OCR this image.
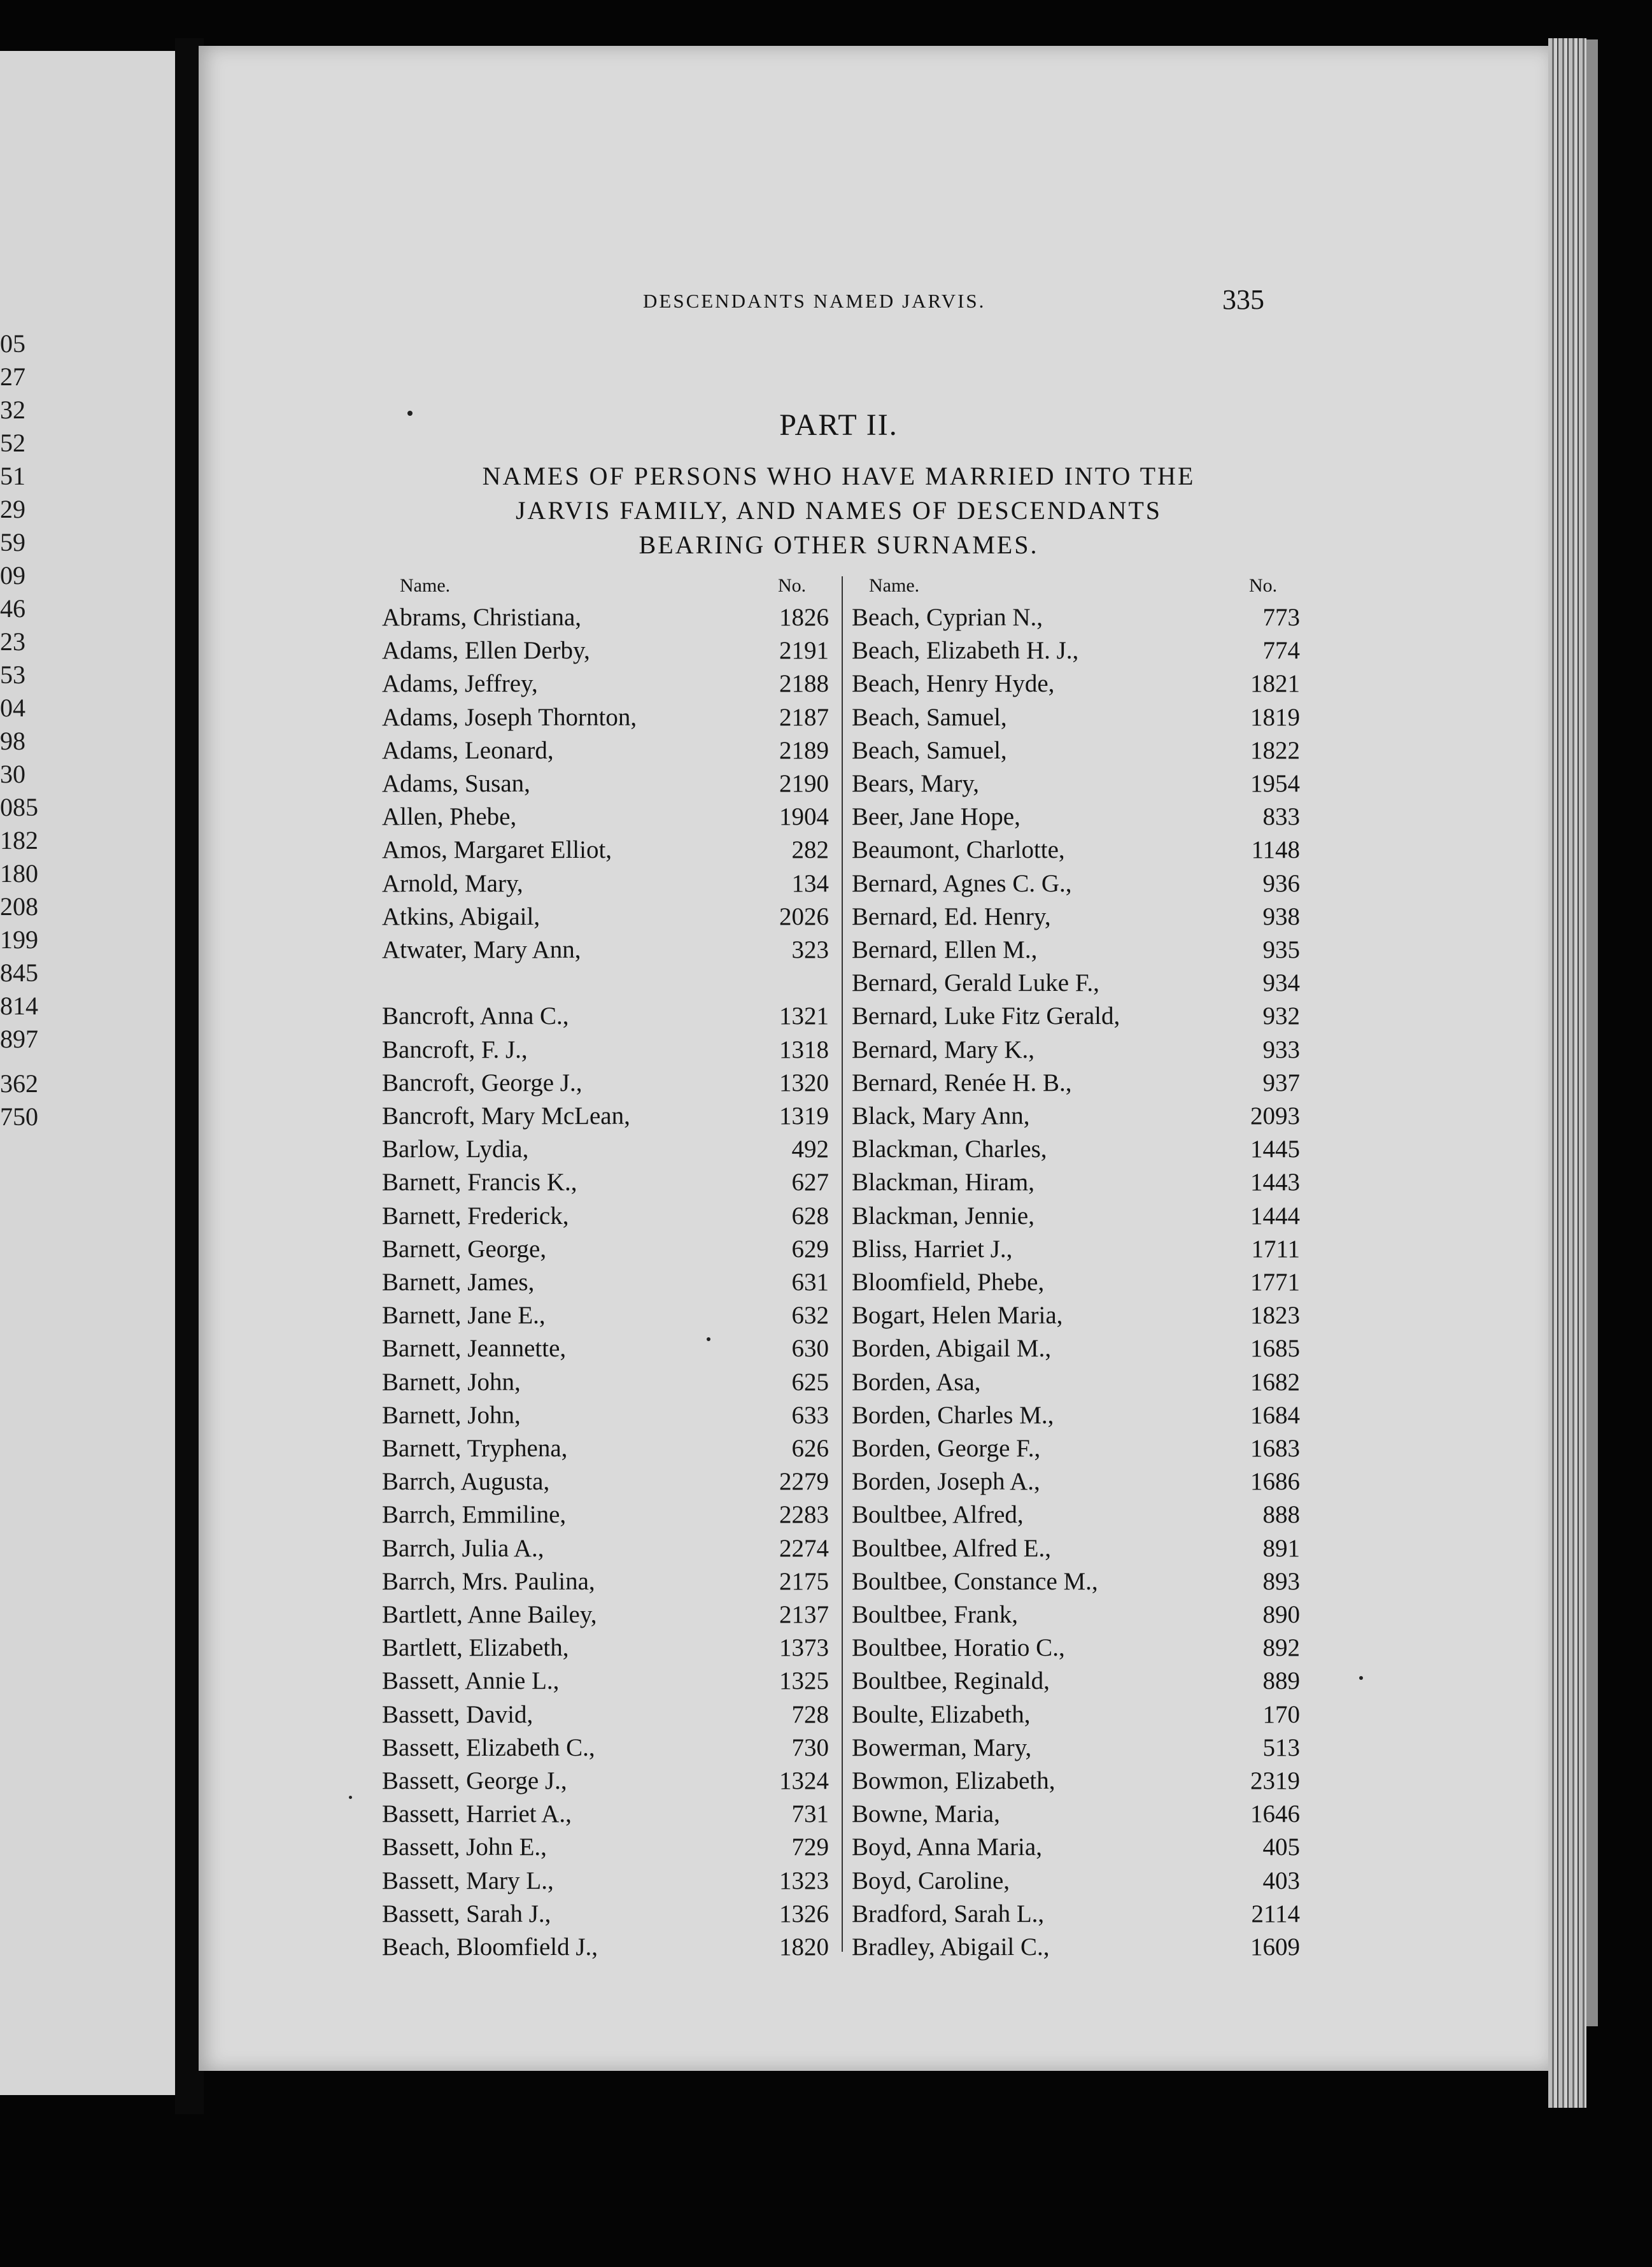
05
27
32
52
51
29
59
09
46
23
53
04
98
30
085
182
180
208
199
845
814
897
362
750
DESCENDANTS NAMED JARVIS.	335
PART II.
NAMES OF PERSONS WHO HAVE MARRIED INTO THE
JARVIS FAMILY, AND NAMES OF DESCENDANTS
BEARING OTHER SURNAMES.
Name.	No.	Name.	No.
Abrams, Christiana,	1826
Adams, Ellen Derby,	2191
Adams, Jeffrey,	2188
Adams, Joseph Thornton,	2187
Adams, Leonard,	2189
Adams, Susan,	2190
Allen, Phebe,	1904
Amos, Margaret Elliot,	282
Arnold, Mary,	134
Atkins, Abigail,	2026
Atwater, Mary Ann,	323
Bancroft, Anna C.,	1321
Bancroft, F. J.,	1318
Bancroft, George J.,	1320
Bancroft, Mary McLean,	1319
Barlow, Lydia,	492
Barnett, Francis K.,	627
Barnett, Frederick,	628
Barnett, George,	629
Barnett, James,	631
Barnett, Jane E.,	632
Barnett, Jeannette,	630
Barnett, John,	625
Barnett, John,	633
Barnett, Tryphena,	626
Barrch, Augusta,	2279
Barrch, Emmiline,	2283
Barrch, Julia A.,	2274
Barrch, Mrs. Paulina,	2175
Bartlett, Anne Bailey,	2137
Bartlett, Elizabeth,	1373
Bassett, Annie L.,	1325
Bassett, David,	728
Bassett, Elizabeth C.,	730
Bassett, George J.,	1324
Bassett, Harriet A.,	731
Bassett, John E.,	729
Bassett, Mary L.,	1323
Bassett, Sarah J.,	1326
Beach, Bloomfield J.,	1820
Beach, Cyprian N.,	773
Beach, Elizabeth H. J.,	774
Beach, Henry Hyde,	1821
Beach, Samuel,	1819
Beach, Samuel,	1822
Bears, Mary,	1954
Beer, Jane Hope,	833
Beaumont, Charlotte,	1148
Bernard, Agnes C. G.,	936
Bernard, Ed. Henry,	938
Bernard, Ellen M.,	935
Bernard, Gerald Luke F.,	934
Bernard, Luke Fitz Gerald,	932
Bernard, Mary K.,	933
Bernard, Renée H. B.,	937
Black, Mary Ann,	2093
Blackman, Charles,	1445
Blackman, Hiram,	1443
Blackman, Jennie,	1444
Bliss, Harriet J.,	1711
Bloomfield, Phebe,	1771
Bogart, Helen Maria,	1823
Borden, Abigail M.,	1685
Borden, Asa,	1682
Borden, Charles M.,	1684
Borden, George F.,	1683
Borden, Joseph A.,	1686
Boultbee, Alfred,	888
Boultbee, Alfred E.,	891
Boultbee, Constance M.,	893
Boultbee, Frank,	890
Boultbee, Horatio C.,	892
Boultbee, Reginald,	889
Boulte, Elizabeth,	170
Bowerman, Mary,	513
Bowmon, Elizabeth,	2319
Bowne, Maria,	1646
Boyd, Anna Maria,	405
Boyd, Caroline,	403
Bradford, Sarah L.,	2114
Bradley, Abigail C.,	1609
